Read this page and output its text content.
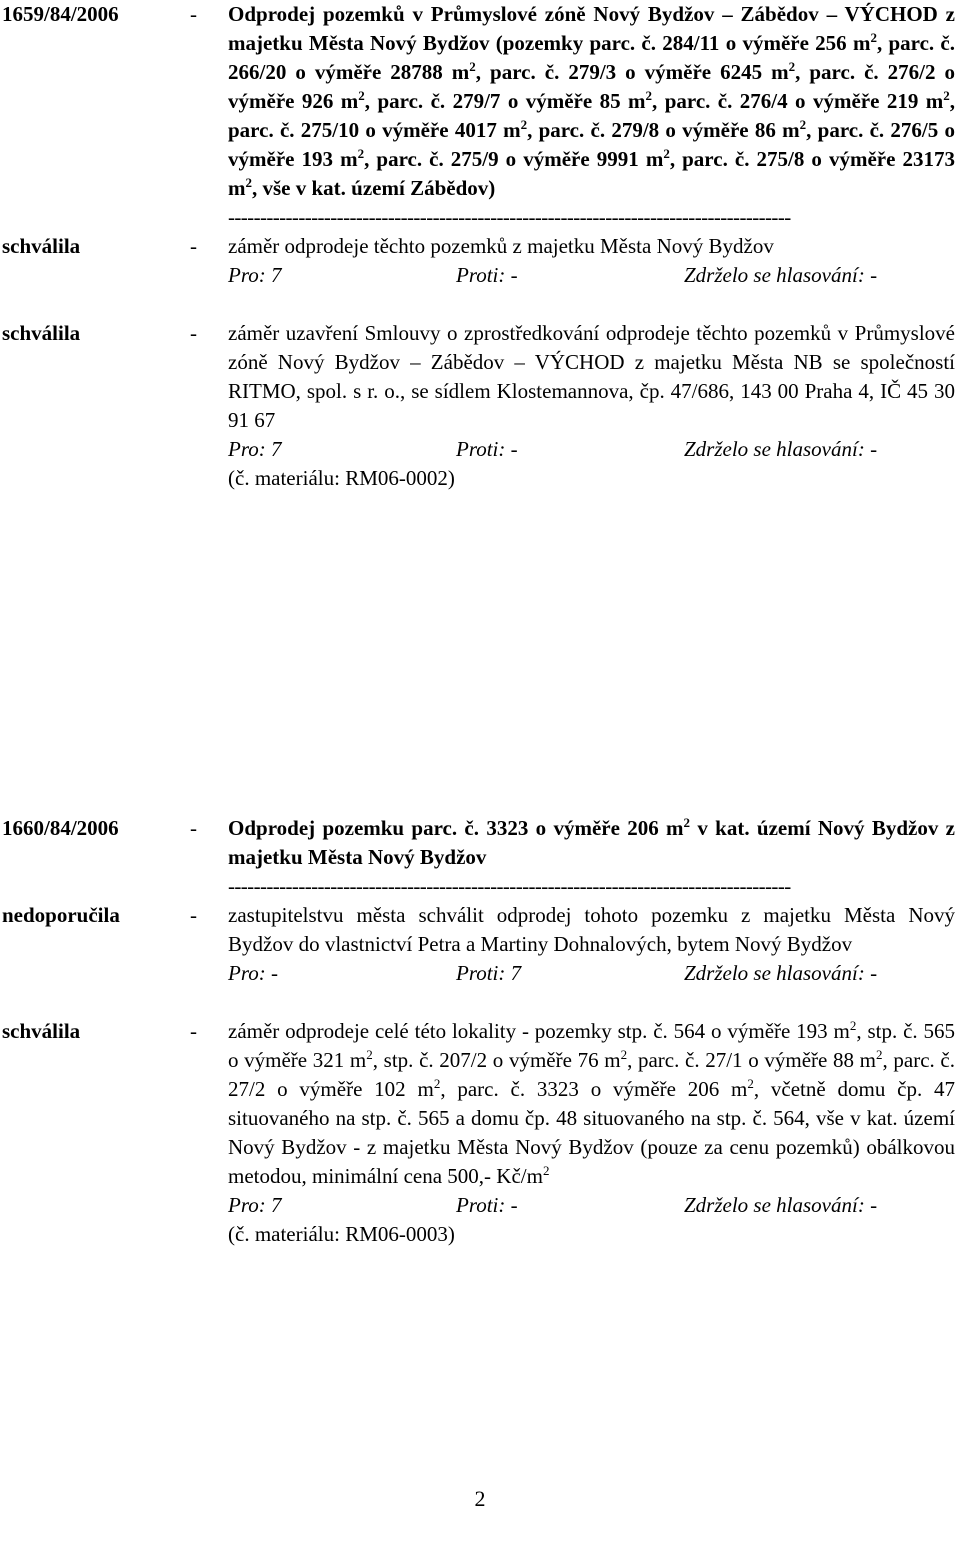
1659/84/2006	- Odprodej pozemků v Průmyslové zóně Nový Bydžov – Zábědov – VÝCHOD z majetku Města Nový Bydžov (pozemky parc. č. 284/11 o výměře 256 $m^2$, parc. č. 266/20 o výměře 28788 $m^2$, parc. č. 279/3 o výměře 6245 $m^2$, parc. č. 276/2 o výměře 926 $m^2$, parc. č. 279/7 o výměře 85 $m^2$, parc. č. 276/4 o výměře 219 $m^2$, parc. č. 275/10 o výměře 4017 $m^2$, parc. č. 279/8 o výměře 86 $m^2$, parc. č. 276/5 o výměře 193 $m^2$, parc. č. 275/9 o výměře 9991 $m^2$, parc. č. 275/8 o výměře 23173 $m^2$, vše v kat. území Zábědov)
----------------------------------------------------------------------------------------
schválila	- záměr odprodeje těchto pozemků z majetku Města Nový Bydžov
Pro: 7	Proti: -	Zdrželo se hlasování: -
schválila	- záměr uzavření Smlouvy o zprostředkování odprodeje těchto pozemků v Průmyslové zóně Nový Bydžov – Zábědov – VÝCHOD z majetku Města NB se společností RITMO, spol. s r. o., se sídlem Klostemannova, čp. 47/686, 143 00 Praha 4, IČ 45 30 91 67
Pro: 7	Proti: -	Zdrželo se hlasování: -
(č. materiálu: RM06-0002)
1660/84/2006	- Odprodej pozemku parc. č. 3323 o výměře 206 $m^2$ v kat. území Nový Bydžov z majetku Města Nový Bydžov
----------------------------------------------------------------------------------------
nedoporučila	- zastupitelstvu města schválit odprodej tohoto pozemku z majetku Města Nový Bydžov do vlastnictví Petra a Martiny Dohnalových, bytem Nový Bydžov
Pro: -	Proti: 7	Zdrželo se hlasování: -
schválila	- záměr odprodeje celé této lokality - pozemky stp. č. 564 o výměře 193 $m^2$, stp. č. 565 o výměře 321 $m^2$, stp. č. 207/2 o výměře 76 $m^2$, parc. č. 27/1 o výměře 88 $m^2$, parc. č. 27/2 o výměře 102 $m^2$, parc. č. 3323 o výměře 206 $m^2$, včetně domu čp. 47 situovaného na stp. č. 565 a domu čp. 48 situovaného na stp. č. 564, vše v kat. území Nový Bydžov - z majetku Města Nový Bydžov (pouze za cenu pozemků) obálkovou metodou, minimální cena 500,- $Kč/m^2$
Pro: 7	Proti: -	Zdrželo se hlasování: -
(č. materiálu: RM06-0003)
2
